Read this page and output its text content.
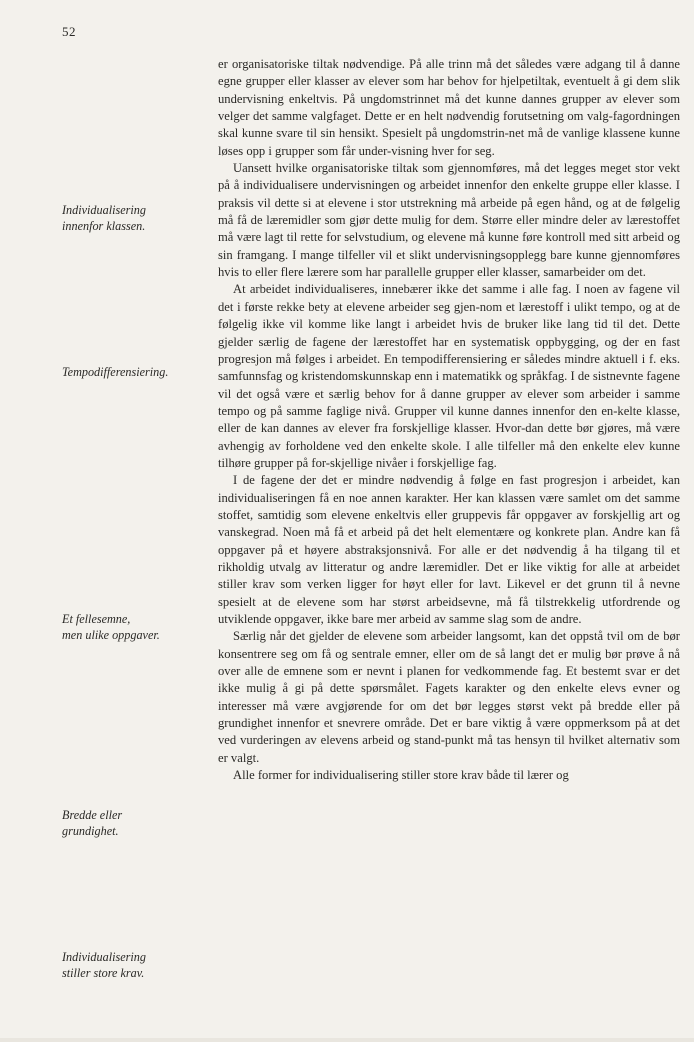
52
Individualisering
innenfor klassen.
Tempodifferensiering.
Et fellesemne,
men ulike oppgaver.
Bredde eller
grundighet.
Individualisering
stiller store krav.

er organisatoriske tiltak nødvendige. På alle trinn må det således være adgang til å danne egne grupper eller klasser av elever som har behov for hjelpetiltak, eventuelt å gi dem slik undervisning enkeltvis. På ungdomstrinnet må det kunne dannes grupper av elever som velger det samme valgfaget. Dette er en helt nødvendig forutsetning om valg-fagordningen skal kunne svare til sin hensikt. Spesielt på ungdomstrin-net må de vanlige klassene kunne løses opp i grupper som får under-visning hver for seg.

Uansett hvilke organisatoriske tiltak som gjennomføres, må det legges meget stor vekt på å individualisere undervisningen og arbeidet innenfor den enkelte gruppe eller klasse. I praksis vil dette si at elevene i stor utstrekning må arbeide på egen hånd, og at de følgelig må få de læremidler som gjør dette mulig for dem. Større eller mindre deler av lærestoffet må være lagt til rette for selvstudium, og elevene må kunne føre kontroll med sitt arbeid og sin framgang. I mange tilfeller vil et slikt undervisningsopplegg bare kunne gjennomføres hvis to eller flere lærere som har parallelle grupper eller klasser, samarbeider om det.

At arbeidet individualiseres, innebærer ikke det samme i alle fag. I noen av fagene vil det i første rekke bety at elevene arbeider seg gjen-nom et lærestoff i ulikt tempo, og at de følgelig ikke vil komme like langt i arbeidet hvis de bruker like lang tid til det. Dette gjelder særlig de fagene der lærestoffet har en systematisk oppbygging, og der en fast progresjon må følges i arbeidet. En tempodifferensiering er således mindre aktuell i f. eks. samfunnsfag og kristendomskunnskap enn i matematikk og språkfag. I de sistnevnte fagene vil det også være et særlig behov for å danne grupper av elever som arbeider i samme tempo og på samme faglige nivå. Grupper vil kunne dannes innenfor den en-kelte klasse, eller de kan dannes av elever fra forskjellige klasser. Hvor-dan dette bør gjøres, må være avhengig av forholdene ved den enkelte skole. I alle tilfeller må den enkelte elev kunne tilhøre grupper på for-skjellige nivåer i forskjellige fag.

I de fagene der det er mindre nødvendig å følge en fast progresjon i arbeidet, kan individualiseringen få en noe annen karakter. Her kan klassen være samlet om det samme stoffet, samtidig som elevene enkeltvis eller gruppevis får oppgaver av forskjellig art og vanskegrad. Noen må få et arbeid på det helt elementære og konkrete plan. Andre kan få oppgaver på et høyere abstraksjonsnivå. For alle er det nødvendig å ha tilgang til et rikholdig utvalg av litteratur og andre læremidler. Det er like viktig for alle at arbeidet stiller krav som verken ligger for høyt eller for lavt. Likevel er det grunn til å nevne spesielt at de elevene som har størst arbeidsevne, må få tilstrekkelig utfordrende og utviklende oppgaver, ikke bare mer arbeid av samme slag som de andre.

Særlig når det gjelder de elevene som arbeider langsomt, kan det oppstå tvil om de bør konsentrere seg om få og sentrale emner, eller om de så langt det er mulig bør prøve å nå over alle de emnene som er nevnt i planen for vedkommende fag. Et bestemt svar er det ikke mulig å gi på dette spørsmålet. Fagets karakter og den enkelte elevs evner og interesser må være avgjørende for om det bør legges størst vekt på bredde eller på grundighet innenfor et snevrere område. Det er bare viktig å være oppmerksom på at det ved vurderingen av elevens arbeid og stand-punkt må tas hensyn til hvilket alternativ som er valgt.

Alle former for individualisering stiller store krav både til lærer og
